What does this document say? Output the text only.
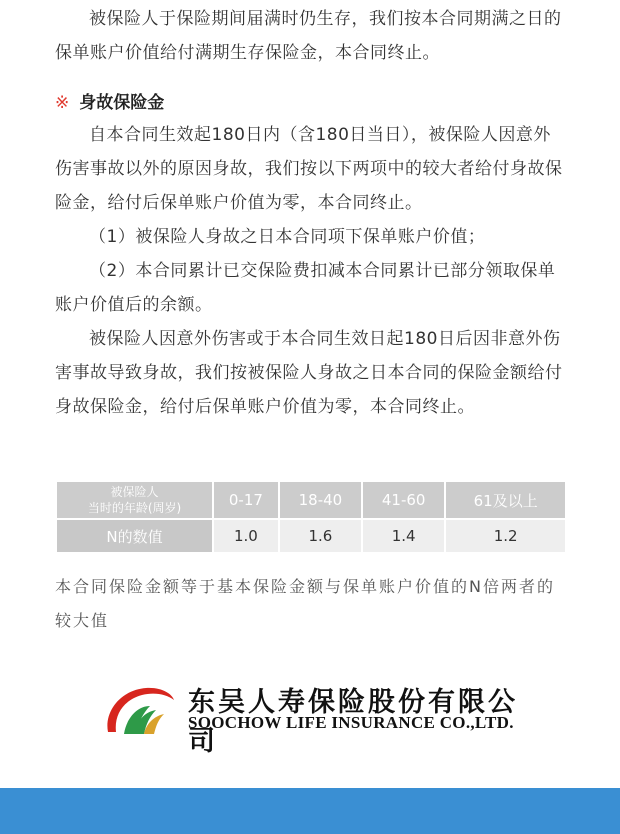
被保险人于保险期间届满时仍生存，我们按本合同期满之日的保单账户价值给付满期生存保险金，本合同终止。

※ 身故保险金

自本合同生效起180日内（含180日当日），被保险人因意外伤害事故以外的原因身故，我们按以下两项中的较大者给付身故保险金，给付后保单账户价值为零，本合同终止。

（1）被保险人身故之日本合同项下保单账户价值；

（2）本合同累计已交保险费扣减本合同累计已部分领取保单账户价值后的余额。

被保险人因意外伤害或于本合同生效日起180日后因非意外伤害事故导致身故，我们按被保险人身故之日本合同的保险金额给付身故保险金，给付后保单账户价值为零，本合同终止。

被保险人
当时的年龄(周岁)	0-17	18-40	41-60	61及以上
N的数值	1.0	1.6	1.4	1.2

本合同保险金额等于基本保险金额与保单账户价值的N倍两者的较大值

东吴人寿保险股份有限公司
SOOCHOW LIFE INSURANCE CO.,LTD.
